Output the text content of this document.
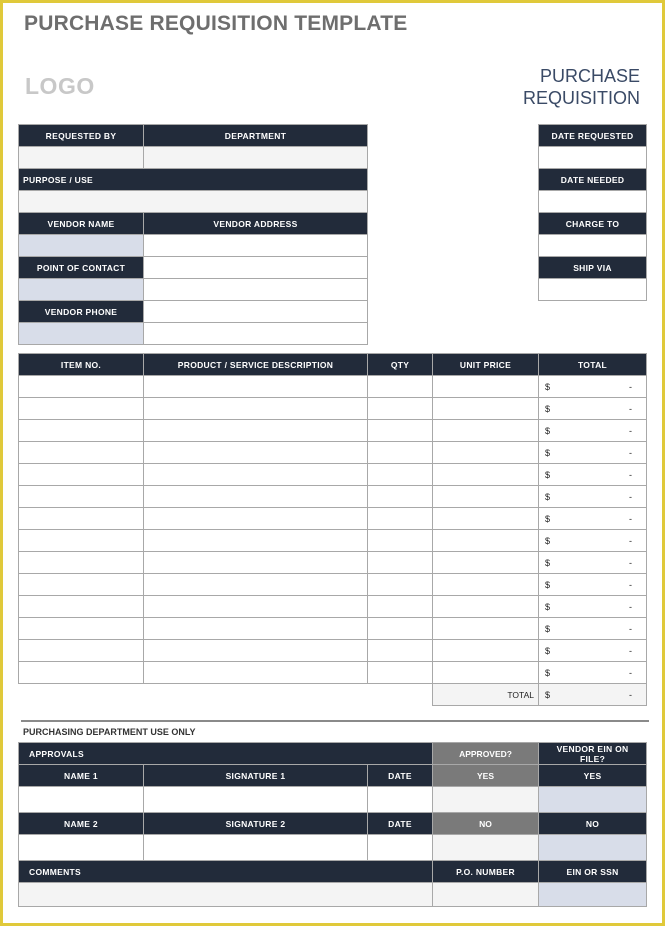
PURCHASE REQUISITION TEMPLATE
LOGO	PURCHASE
REQUISITION
REQUESTED BY	DEPARTMENT

PURPOSE / USE	

VENDOR NAME	VENDOR ADDRESS

POINT OF CONTACT	

VENDOR PHONE	

DATE REQUESTED

DATE NEEDED

CHARGE TO

SHIP VIA

ITEM NO.	PRODUCT / SERVICE DESCRIPTION	QTY	UNIT PRICE	TOTAL

				$ -

				$ -

				$ -

				$ -

				$ -

				$ -

				$ -

				$ -

				$ -

				$ -

				$ -

				$ -

				$ -

				$ -

			TOTAL	$ -
PURCHASING DEPARTMENT USE ONLY
APPROVALS			APPROVED?	VENDOR EIN ON FILE?
NAME 1	SIGNATURE 1	DATE	YES	YES

NAME 2	SIGNATURE 2	DATE	NO	NO

COMMENTS			P.O. NUMBER	EIN OR SSN
